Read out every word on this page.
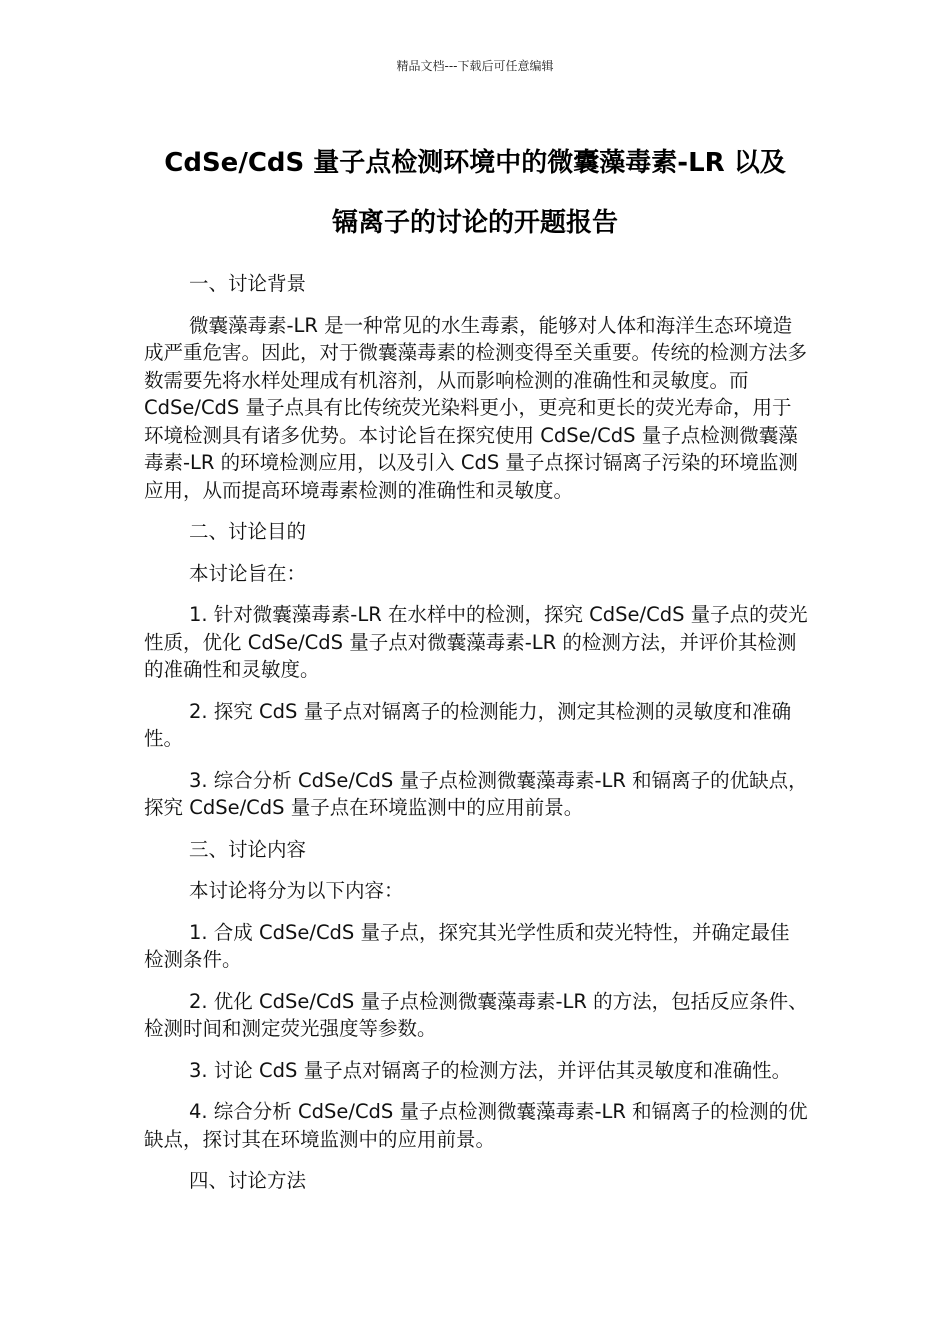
精品文档---下载后可任意编辑
CdSe/CdS 量子点检测环境中的微囊藻毒素-LR 以及
镉离子的讨论的开题报告

一、讨论背景

微囊藻毒素-LR 是一种常见的水生毒素，能够对人体和海洋生态环境造成严重危害。因此，对于微囊藻毒素的检测变得至关重要。传统的检测方法多数需要先将水样处理成有机溶剂，从而影响检测的准确性和灵敏度。而 CdSe/CdS 量子点具有比传统荧光染料更小，更亮和更长的荧光寿命，用于环境检测具有诸多优势。本讨论旨在探究使用 CdSe/CdS 量子点检测微囊藻毒素-LR 的环境检测应用，以及引入 CdS 量子点探讨镉离子污染的环境监测应用，从而提高环境毒素检测的准确性和灵敏度。

二、讨论目的

本讨论旨在：

1. 针对微囊藻毒素-LR 在水样中的检测，探究 CdSe/CdS 量子点的荧光性质，优化 CdSe/CdS 量子点对微囊藻毒素-LR 的检测方法，并评价其检测的准确性和灵敏度。

2. 探究 CdS 量子点对镉离子的检测能力，测定其检测的灵敏度和准确性。

3. 综合分析 CdSe/CdS 量子点检测微囊藻毒素-LR 和镉离子的优缺点，探究 CdSe/CdS 量子点在环境监测中的应用前景。

三、讨论内容

本讨论将分为以下内容：

1. 合成 CdSe/CdS 量子点，探究其光学性质和荧光特性，并确定最佳检测条件。

2. 优化 CdSe/CdS 量子点检测微囊藻毒素-LR 的方法，包括反应条件、检测时间和测定荧光强度等参数。

3. 讨论 CdS 量子点对镉离子的检测方法，并评估其灵敏度和准确性。

4. 综合分析 CdSe/CdS 量子点检测微囊藻毒素-LR 和镉离子的检测的优缺点，探讨其在环境监测中的应用前景。

四、讨论方法
